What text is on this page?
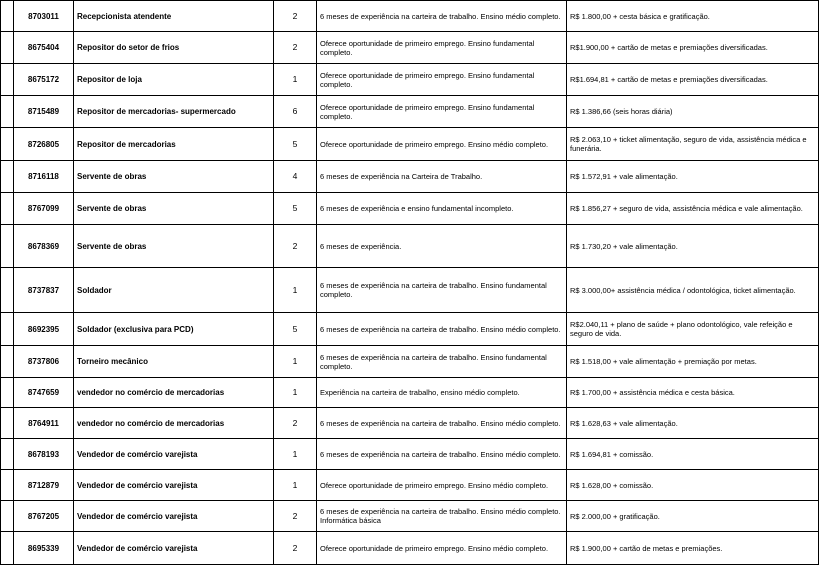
	8703011	Recepcionista atendente	2	6 meses de experiência na carteira de trabalho. Ensino médio completo.	R$ 1.800,00 + cesta básica e gratificação.
	8675404	Repositor do setor de frios	2	Oferece oportunidade de primeiro emprego. Ensino fundamental completo.	R$1.900,00 + cartão de metas e premiações diversificadas.
	8675172	Repositor de loja	1	Oferece oportunidade de primeiro emprego. Ensino fundamental completo.	R$1.694,81 + cartão de metas e premiações diversificadas.
	8715489	Repositor de mercadorias- supermercado	6	Oferece oportunidade de primeiro emprego. Ensino fundamental completo.	R$ 1.386,66 (seis horas diária)
	8726805	Repositor de mercadorias	5	Oferece oportunidade de primeiro emprego. Ensino médio completo.	R$ 2.063,10 + ticket alimentação, seguro de vida, assistência médica e funerária.
	8716118	Servente de obras	4	6 meses de experiência na Carteira de Trabalho.	R$ 1.572,91 + vale alimentação.
	8767099	Servente de obras	5	6 meses de experiência e ensino fundamental incompleto.	R$ 1.856,27 + seguro de vida, assistência médica e vale alimentação.
	8678369	Servente de obras	2	6 meses de experiência.	R$ 1.730,20 + vale alimentação.
	8737837	Soldador	1	6 meses de experiência na carteira de trabalho. Ensino fundamental completo.	R$ 3.000,00+ assistência médica / odontológica, ticket alimentação.
	8692395	Soldador (exclusiva para PCD)	5	6 meses de experiência na carteira de trabalho. Ensino médio completo.	R$2.040,11 + plano de saúde + plano odontológico, vale refeição e seguro de vida.
	8737806	Torneiro mecânico	1	6 meses de experiência na carteira de trabalho. Ensino fundamental completo.	R$ 1.518,00 + vale alimentação + premiação por metas.
	8747659	vendedor no comércio de mercadorias	1	Experiência na carteira de trabalho, ensino médio completo.	R$ 1.700,00 + assistência médica e cesta básica.
	8764911	vendedor no comércio de mercadorias	2	6 meses de experiência na carteira de trabalho. Ensino médio completo.	R$ 1.628,63 + vale alimentação.
	8678193	Vendedor de comércio varejista	1	6 meses de experiência na carteira de trabalho. Ensino médio completo.	R$ 1.694,81 + comissão.
	8712879	Vendedor de comércio varejista	1	Oferece oportunidade de primeiro emprego. Ensino médio completo.	R$ 1.628,00 + comissão.
	8767205	Vendedor de comércio varejista	2	6 meses de experiência na carteira de trabalho. Ensino médio completo. Informática básica	R$ 2.000,00 + gratificação.
	8695339	Vendedor de comércio varejista	2	Oferece oportunidade de primeiro emprego. Ensino médio completo.	R$ 1.900,00 + cartão de metas e premiações.
